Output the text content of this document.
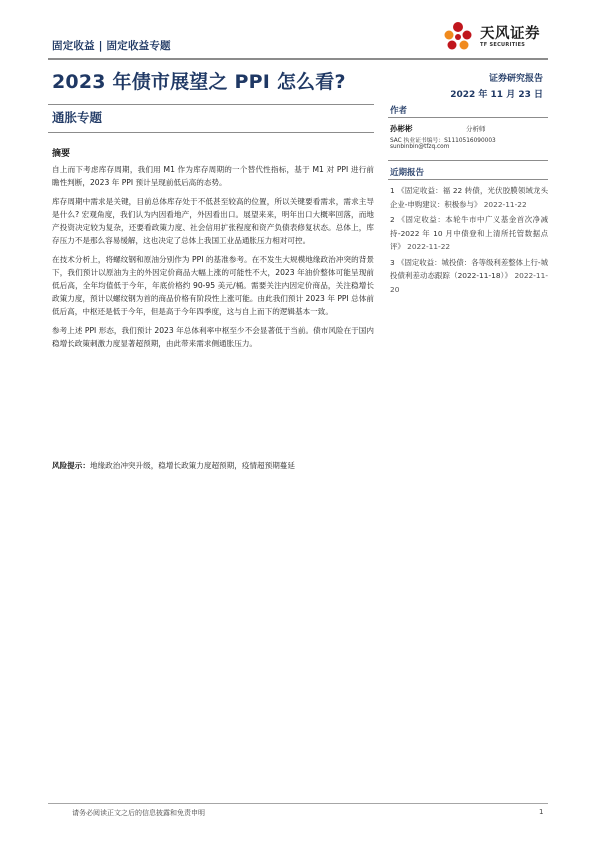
固定收益 | 固定收益专题
天风证券
TF SECURITIES
2023 年债市展望之 PPI 怎么看?	证券研究报告
2022 年 11 月 23 日
通胀专题
摘要

自上而下考虑库存周期，我们用 M1 作为库存周期的一个替代性指标，基于 M1 对 PPI 进行前瞻性判断，2023 年 PPI 预计呈现前低后高的态势。

库存周期中需求是关键，目前总体库存处于不低甚至较高的位置，所以关键要看需求，需求主导是什么? 宏观角度，我们认为内因看地产，外因看出口。展望来来，明年出口大概率回落，而地产投资决定较为复杂，还要看政策力度、社会信用扩张程度和资产负债表修复状态。总体上，库存压力不是那么容易缓解，这也决定了总体上我国工业品通胀压力相对可控。

在技术分析上，将螺纹钢和原油分别作为 PPI 的基准参考。在不发生大规模地缘政治冲突的背景下，我们预计以原油为主的外因定价商品大幅上涨的可能性不大，2023 年油价整体可能呈现前低后高，全年均值低于今年，年底价格约 90-95 美元/桶。需要关注内因定价商品，关注稳增长政策力度，预计以螺纹钢为首的商品价格有阶段性上涨可能。由此我们预计 2023 年 PPI 总体前低后高，中枢还是低于今年，但是高于今年四季度，这与自上而下的逻辑基本一致。

参考上述 PPI 形态，我们预计 2023 年总体利率中枢至少不会显著低于当前。债市风险在于国内稳增长政策刺激力度显著超预期，由此带来需求侧通胀压力。

风险提示：地缘政治冲突升级，稳增长政策力度超预期，疫情超预期蔓延
作者
孙彬彬	分析师
SAC 执业证书编号：S1110516090003
sunbinbin@tfzq.com
近期报告
1 《固定收益：福 22 转债，光伏胶膜领域龙头企业-申购建议：积极参与》 2022-11-22
2 《固定收益：本轮牛市中广义基金首次净减持-2022 年 10 月中债登和上清所托管数据点评》 2022-11-22
3 《固定收益：城投债：各等级利差整体上行-城投债利差动态跟踪（2022-11-18）》 2022-11-20
请务必阅读正文之后的信息披露和免责申明	1
